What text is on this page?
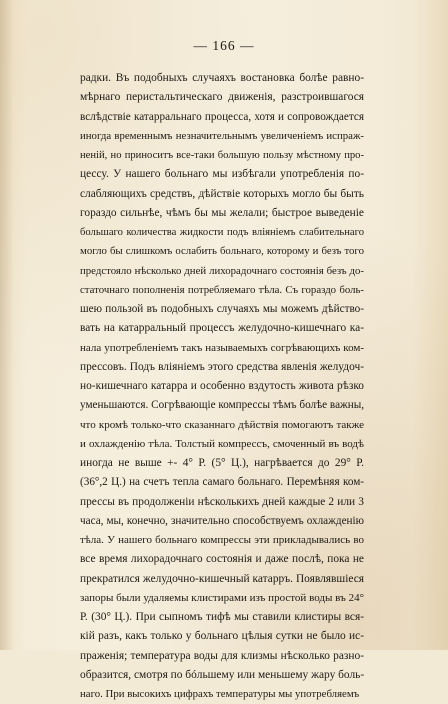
— 166 —
радки. Въ подобныхъ случаяхъ востановка болѣе равно-
мѣрнаго перистальтическаго движенія, разстроившагося
вслѣдствіе катарральнаго процесса, хотя и сопровождается
иногда временнымъ незначительнымъ увеличеніемъ испраж-
неній, но приноситъ все-таки большую пользу мѣстному про-
цессу. У нашего больнаго мы избѣгали употребленія по-
слабляющихъ средствъ, дѣйствіе которыхъ могло бы быть
гораздо сильнѣе, чѣмъ бы мы желали; быстрое выведеніе
большаго количества жидкости подъ вліяніемъ слабительнаго
могло бы слишкомъ ослабить больнаго, которому и безъ того
предстояло нѣсколько дней лихорадочнаго состоянія безъ до-
статочнаго пополненія потребляемаго тѣла. Съ гораздо боль-
шею пользой въ подобныхъ случаяхъ мы можемъ дѣйство-
вать на катарральный процессъ желудочно-кишечнаго ка-
нала употребленіемъ такъ называемыхъ согрѣвающихъ ком-
прессовъ. Подъ вліяніемъ этого средства явленія желудоч-
но-кишечнаго катарра и особенно вздутость живота рѣзко
уменьшаются. Согрѣвающіе компрессы тѣмъ болѣе важны,
что кромѣ только-что сказаннаго дѣйствія помогаютъ также
и охлажденію тѣла. Толстый компрессъ, смоченный въ водѣ
иногда не выше +- 4° Р. (5° Ц.), нагрѣвается до 29° Р.
(36°,2 Ц.) на счетъ тепла самаго больнаго. Перемѣняя ком-
прессы въ продолженіи нѣсколькихъ дней каждые 2 или 3
часа, мы, конечно, значительно способствуемъ охлажденію
тѣла. У нашего больнаго компрессы эти прикладывались во
все время лихорадочнаго состоянія и даже послѣ, пока не
прекратился желудочно-кишечный катарръ. Появлявшіеся
запоры были удаляемы клистирами изъ простой воды въ 24°
Р. (30° Ц.). При сыпномъ тифѣ мы ставили клистиры вся-
кій разъ, какъ только у больнаго цѣлыя сутки не было ис-
праженія; температура воды для клизмы нѣсколько разно-
образится, смотря по бóльшему или меньшему жару боль-
наго. При высокихъ цифрахъ температуры мы употребляемъ
